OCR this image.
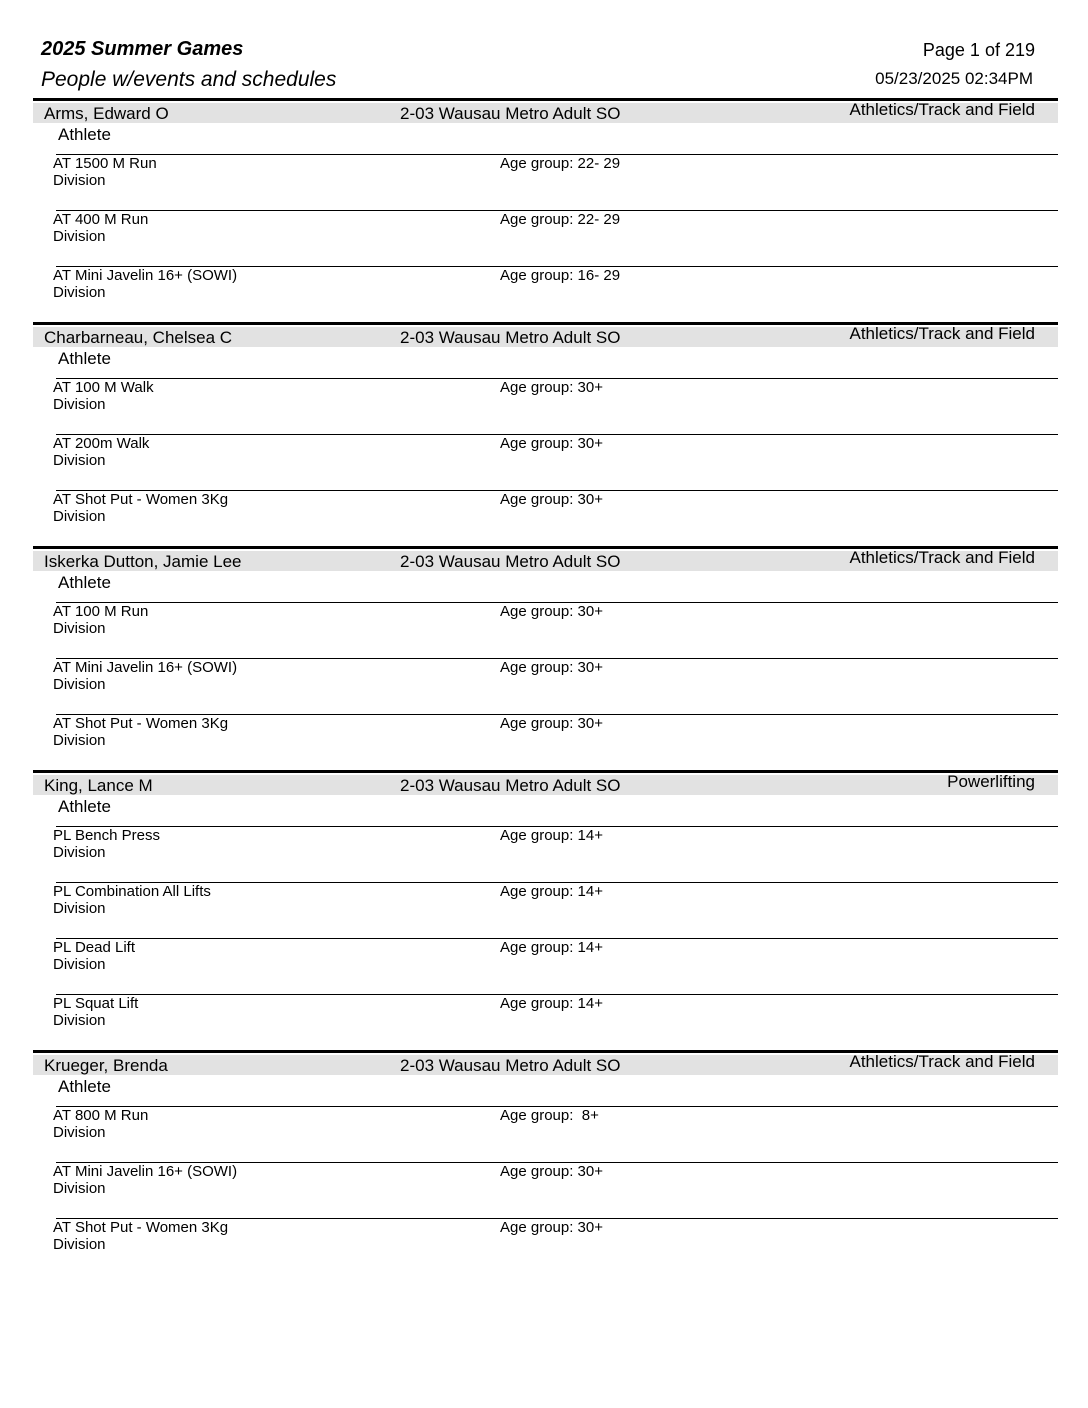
2025 Summer Games
People w/events and schedules
Page 1 of 219
05/23/2025 02:34PM
Arms, Edward O	2-03 Wausau Metro Adult SO	Athletics/Track and Field
Athlete
AT 1500 M Run
Division
Age group: 22- 29
AT 400 M Run
Division
Age group: 22- 29
AT Mini Javelin 16+ (SOWI)
Division
Age group: 16- 29
Charbarneau, Chelsea C	2-03 Wausau Metro Adult SO	Athletics/Track and Field
Athlete
AT 100 M Walk
Division
Age group: 30+
AT 200m Walk
Division
Age group: 30+
AT Shot Put - Women 3Kg
Division
Age group: 30+
Iskerka Dutton, Jamie Lee	2-03 Wausau Metro Adult SO	Athletics/Track and Field
Athlete
AT 100 M Run
Division
Age group: 30+
AT Mini Javelin 16+ (SOWI)
Division
Age group: 30+
AT Shot Put - Women 3Kg
Division
Age group: 30+
King, Lance M	2-03 Wausau Metro Adult SO	Powerlifting
Athlete
PL Bench Press
Division
Age group: 14+
PL Combination All Lifts
Division
Age group: 14+
PL Dead Lift
Division
Age group: 14+
PL Squat Lift
Division
Age group: 14+
Krueger, Brenda	2-03 Wausau Metro Adult SO	Athletics/Track and Field
Athlete
AT 800 M Run
Division
Age group:  8+
AT Mini Javelin 16+ (SOWI)
Division
Age group: 30+
AT Shot Put - Women 3Kg
Division
Age group: 30+
